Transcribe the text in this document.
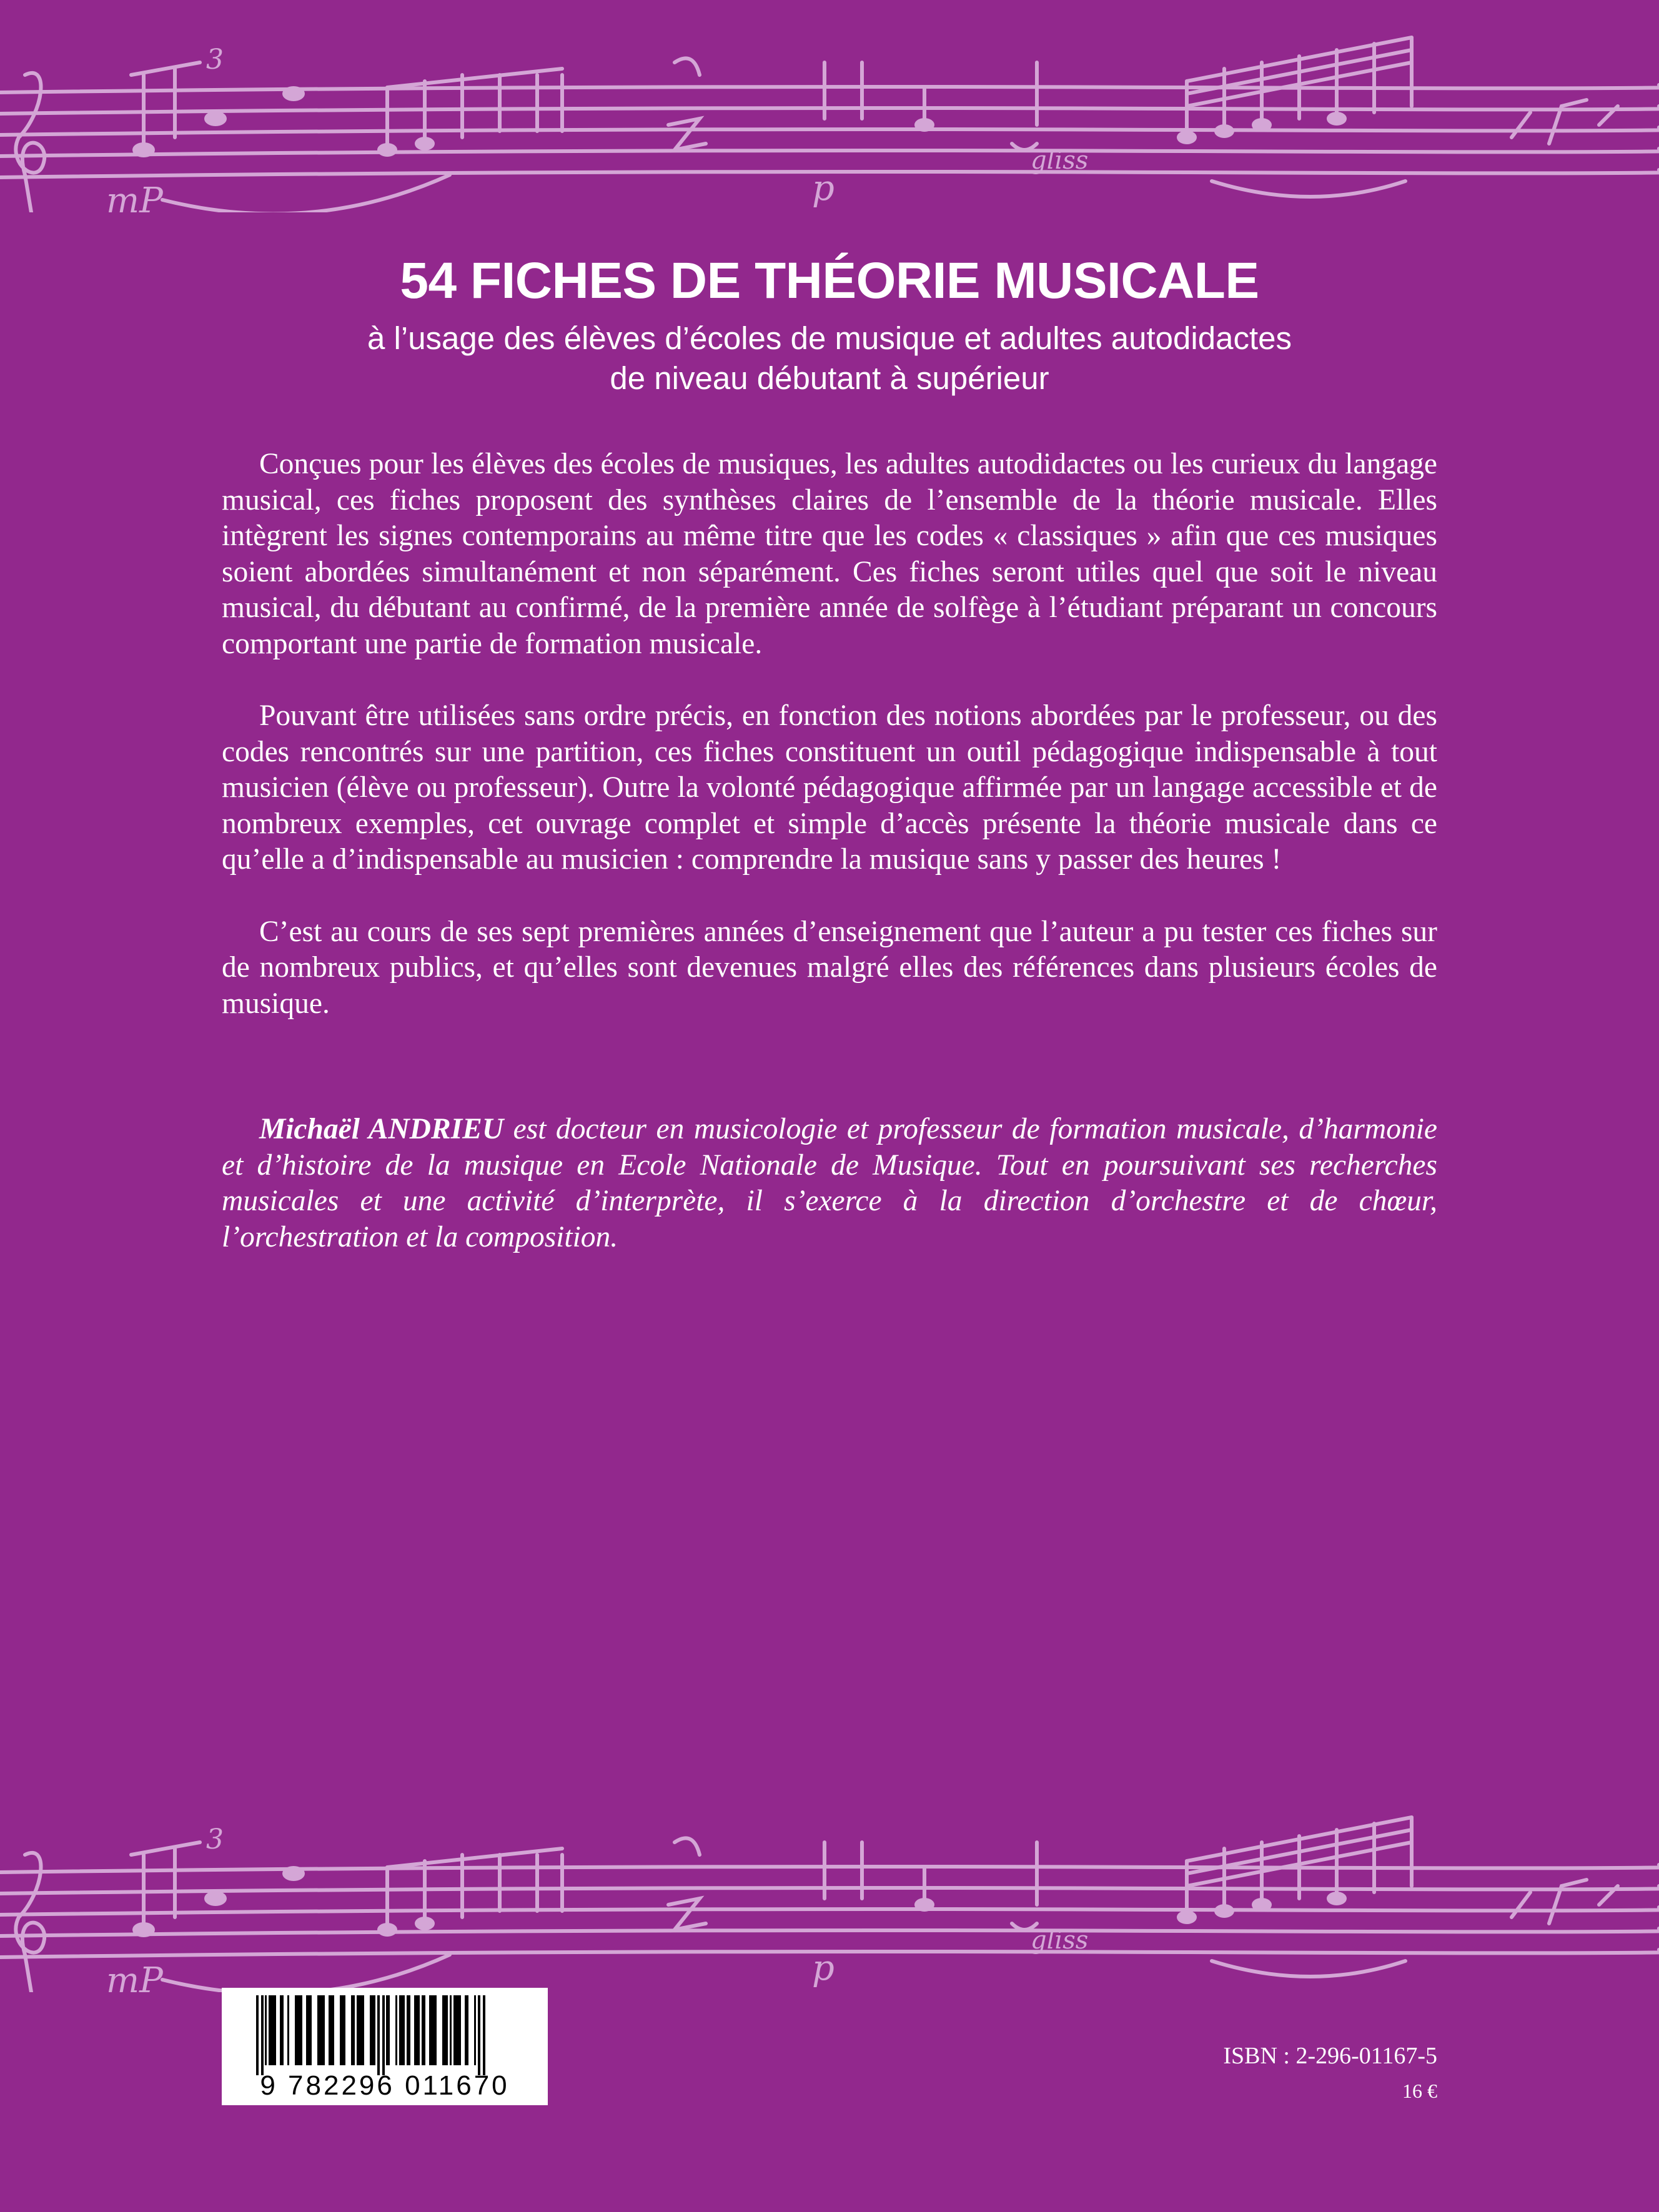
mP	p
3
gliss
54 FICHES DE THÉORIE MUSICALE

à l’usage des élèves d’écoles de musique et adultes autodidactes

de niveau débutant à supérieur

Conçues pour les élèves des écoles de musiques, les adultes autodidactes ou les curieux du langage musical, ces fiches proposent des synthèses claires de l’ensemble de la théorie musicale. Elles intègrent les signes contemporains au même titre que les codes « classiques » afin que ces musiques soient abordées simultanément et non séparément. Ces fiches seront utiles quel que soit le niveau musical, du débutant au confirmé, de la première année de solfège à l’étudiant préparant un concours comportant une partie de formation musicale.

Pouvant être utilisées sans ordre précis, en fonction des notions abordées par le professeur, ou des codes rencontrés sur une partition, ces fiches constituent un outil pédagogique indispensable à tout musicien (élève ou professeur). Outre la volonté pédagogique affirmée par un langage accessible et de nombreux exemples, cet ouvrage complet et simple d’accès présente la théorie musicale dans ce qu’elle a d’indispensable au musicien : comprendre la musique sans y passer des heures !

C’est au cours de ses sept premières années d’enseignement que l’auteur a pu tester ces fiches sur de nombreux publics, et qu’elles sont devenues malgré elles des références dans plusieurs écoles de musique.

Michaël ANDRIEU est docteur en musicologie et professeur de formation musicale, d’harmonie et d’histoire de la musique en Ecole Nationale de Musique. Tout en poursuivant ses recherches musicales et une activité d’interprète, il s’exerce à la direction d’orchestre et de chœur, l’orchestration et la composition.

mP	p
3
gliss
9 782296 011670
ISBN : 2-296-01167-5
16 €
